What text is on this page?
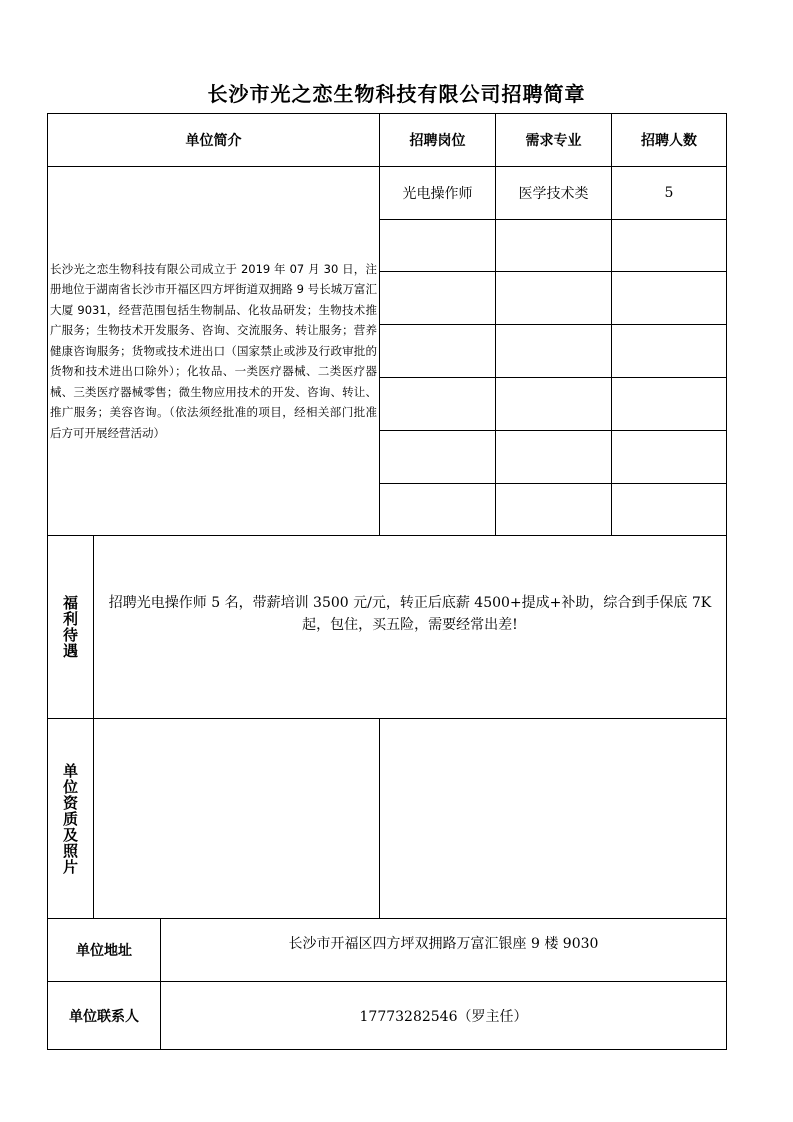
长沙市光之恋生物科技有限公司招聘简章
单位简介	招聘岗位	需求专业	招聘人数
长沙光之恋生物科技有限公司成立于 2019 年 07 月 30 日，注册地位于湖南省长沙市开福区四方坪街道双拥路 9 号长城万富汇大厦 9031，经营范围包括生物制品、化妆品研发；生物技术推广服务；生物技术开发服务、咨询、交流服务、转让服务；营养健康咨询服务；货物或技术进出口（国家禁止或涉及行政审批的货物和技术进出口除外）；化妆品、一类医疗器械、二类医疗器械、三类医疗器械零售；微生物应用技术的开发、咨询、转让、推广服务；美容咨询。（依法须经批准的项目，经相关部门批准后方可开展经营活动）
光电操作师	医学技术类	5
福利待遇	招聘光电操作师 5 名，带薪培训 3500 元/元，转正后底薪 4500+提成+补助，综合到手保底 7K 起，包住，买五险，需要经常出差!
单位资质及照片
单位地址	长沙市开福区四方坪双拥路万富汇银座 9 楼 9030
单位联系人	17773282546（罗主任）
